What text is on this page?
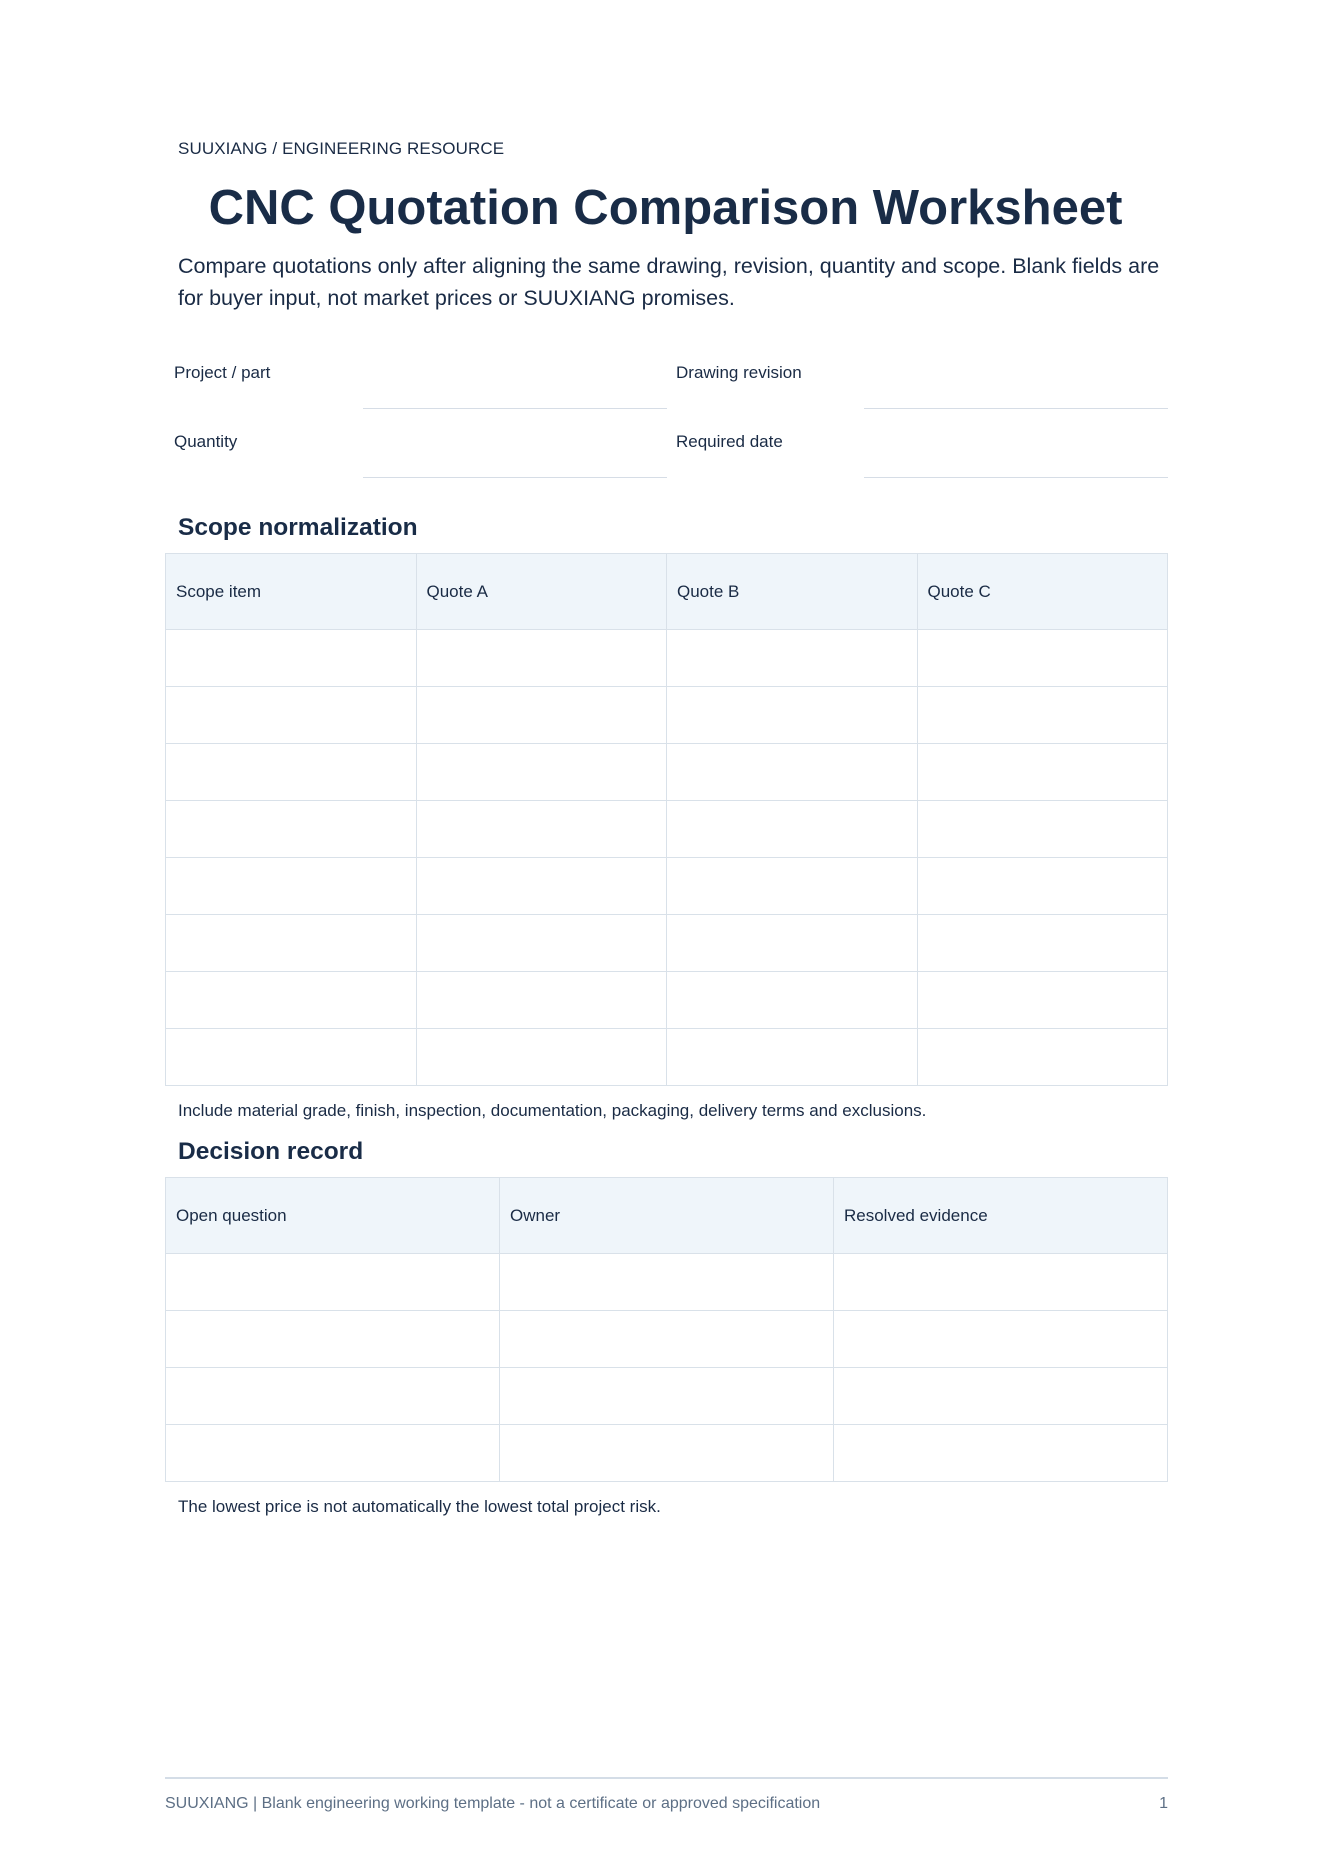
SUUXIANG / ENGINEERING RESOURCE
CNC Quotation Comparison Worksheet

Compare quotations only after aligning the same drawing, revision, quantity and scope. Blank fields are for buyer input, not market prices or SUUXIANG promises.

Project / part	Drawing revision
Quantity	Required date
Scope normalization
Scope item	Quote A	Quote B	Quote C

Include material grade, finish, inspection, documentation, packaging, delivery terms and exclusions.
Decision record
Open question	Owner	Resolved evidence

The lowest price is not automatically the lowest total project risk.
SUUXIANG | Blank engineering working template - not a certificate or approved specification	1
